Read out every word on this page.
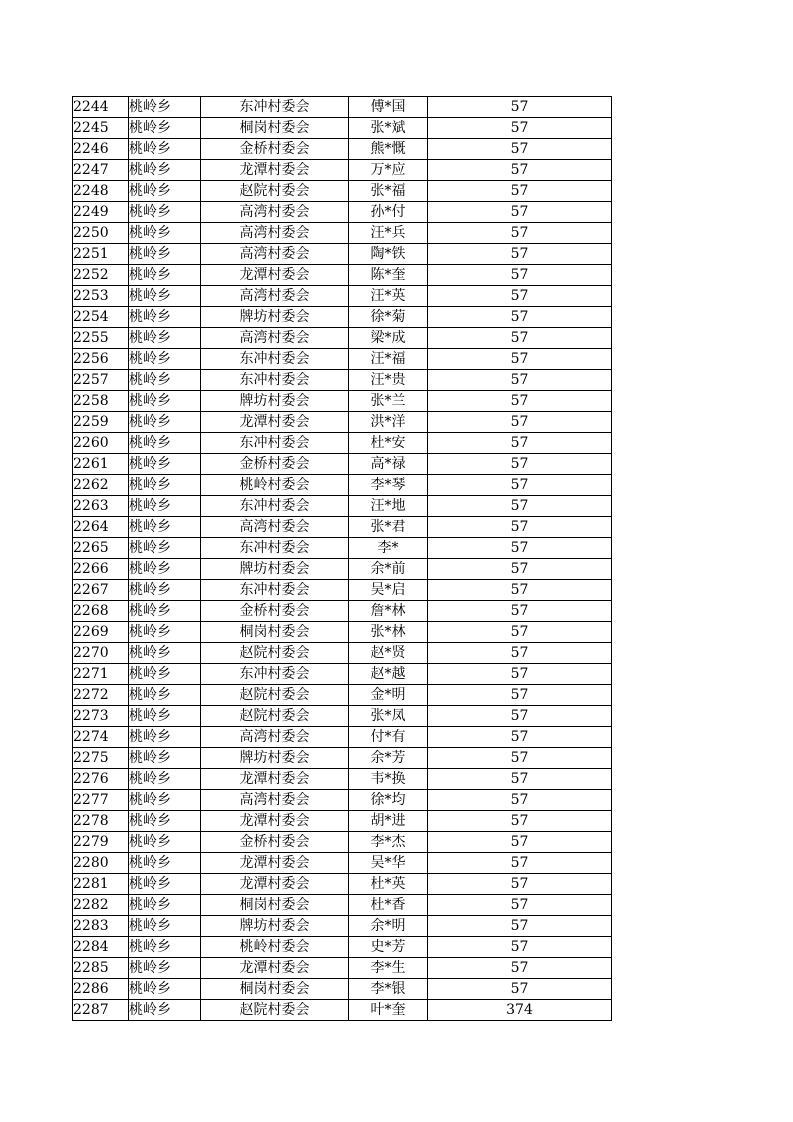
2244	桃岭乡	东冲村委会	傅*国	57
2245	桃岭乡	桐岗村委会	张*斌	57
2246	桃岭乡	金桥村委会	熊*慨	57
2247	桃岭乡	龙潭村委会	万*应	57
2248	桃岭乡	赵院村委会	张*福	57
2249	桃岭乡	高湾村委会	孙*付	57
2250	桃岭乡	高湾村委会	汪*兵	57
2251	桃岭乡	高湾村委会	陶*铁	57
2252	桃岭乡	龙潭村委会	陈*奎	57
2253	桃岭乡	高湾村委会	汪*英	57
2254	桃岭乡	牌坊村委会	徐*菊	57
2255	桃岭乡	高湾村委会	梁*成	57
2256	桃岭乡	东冲村委会	汪*福	57
2257	桃岭乡	东冲村委会	汪*贵	57
2258	桃岭乡	牌坊村委会	张*兰	57
2259	桃岭乡	龙潭村委会	洪*洋	57
2260	桃岭乡	东冲村委会	杜*安	57
2261	桃岭乡	金桥村委会	高*禄	57
2262	桃岭乡	桃岭村委会	李*琴	57
2263	桃岭乡	东冲村委会	汪*地	57
2264	桃岭乡	高湾村委会	张*君	57
2265	桃岭乡	东冲村委会	李*	57
2266	桃岭乡	牌坊村委会	余*前	57
2267	桃岭乡	东冲村委会	吴*启	57
2268	桃岭乡	金桥村委会	詹*林	57
2269	桃岭乡	桐岗村委会	张*林	57
2270	桃岭乡	赵院村委会	赵*贤	57
2271	桃岭乡	东冲村委会	赵*越	57
2272	桃岭乡	赵院村委会	金*明	57
2273	桃岭乡	赵院村委会	张*凤	57
2274	桃岭乡	高湾村委会	付*有	57
2275	桃岭乡	牌坊村委会	余*芳	57
2276	桃岭乡	龙潭村委会	韦*换	57
2277	桃岭乡	高湾村委会	徐*均	57
2278	桃岭乡	龙潭村委会	胡*进	57
2279	桃岭乡	金桥村委会	李*杰	57
2280	桃岭乡	龙潭村委会	吴*华	57
2281	桃岭乡	龙潭村委会	杜*英	57
2282	桃岭乡	桐岗村委会	杜*香	57
2283	桃岭乡	牌坊村委会	余*明	57
2284	桃岭乡	桃岭村委会	史*芳	57
2285	桃岭乡	龙潭村委会	李*生	57
2286	桃岭乡	桐岗村委会	李*银	57
2287	桃岭乡	赵院村委会	叶*奎	374
